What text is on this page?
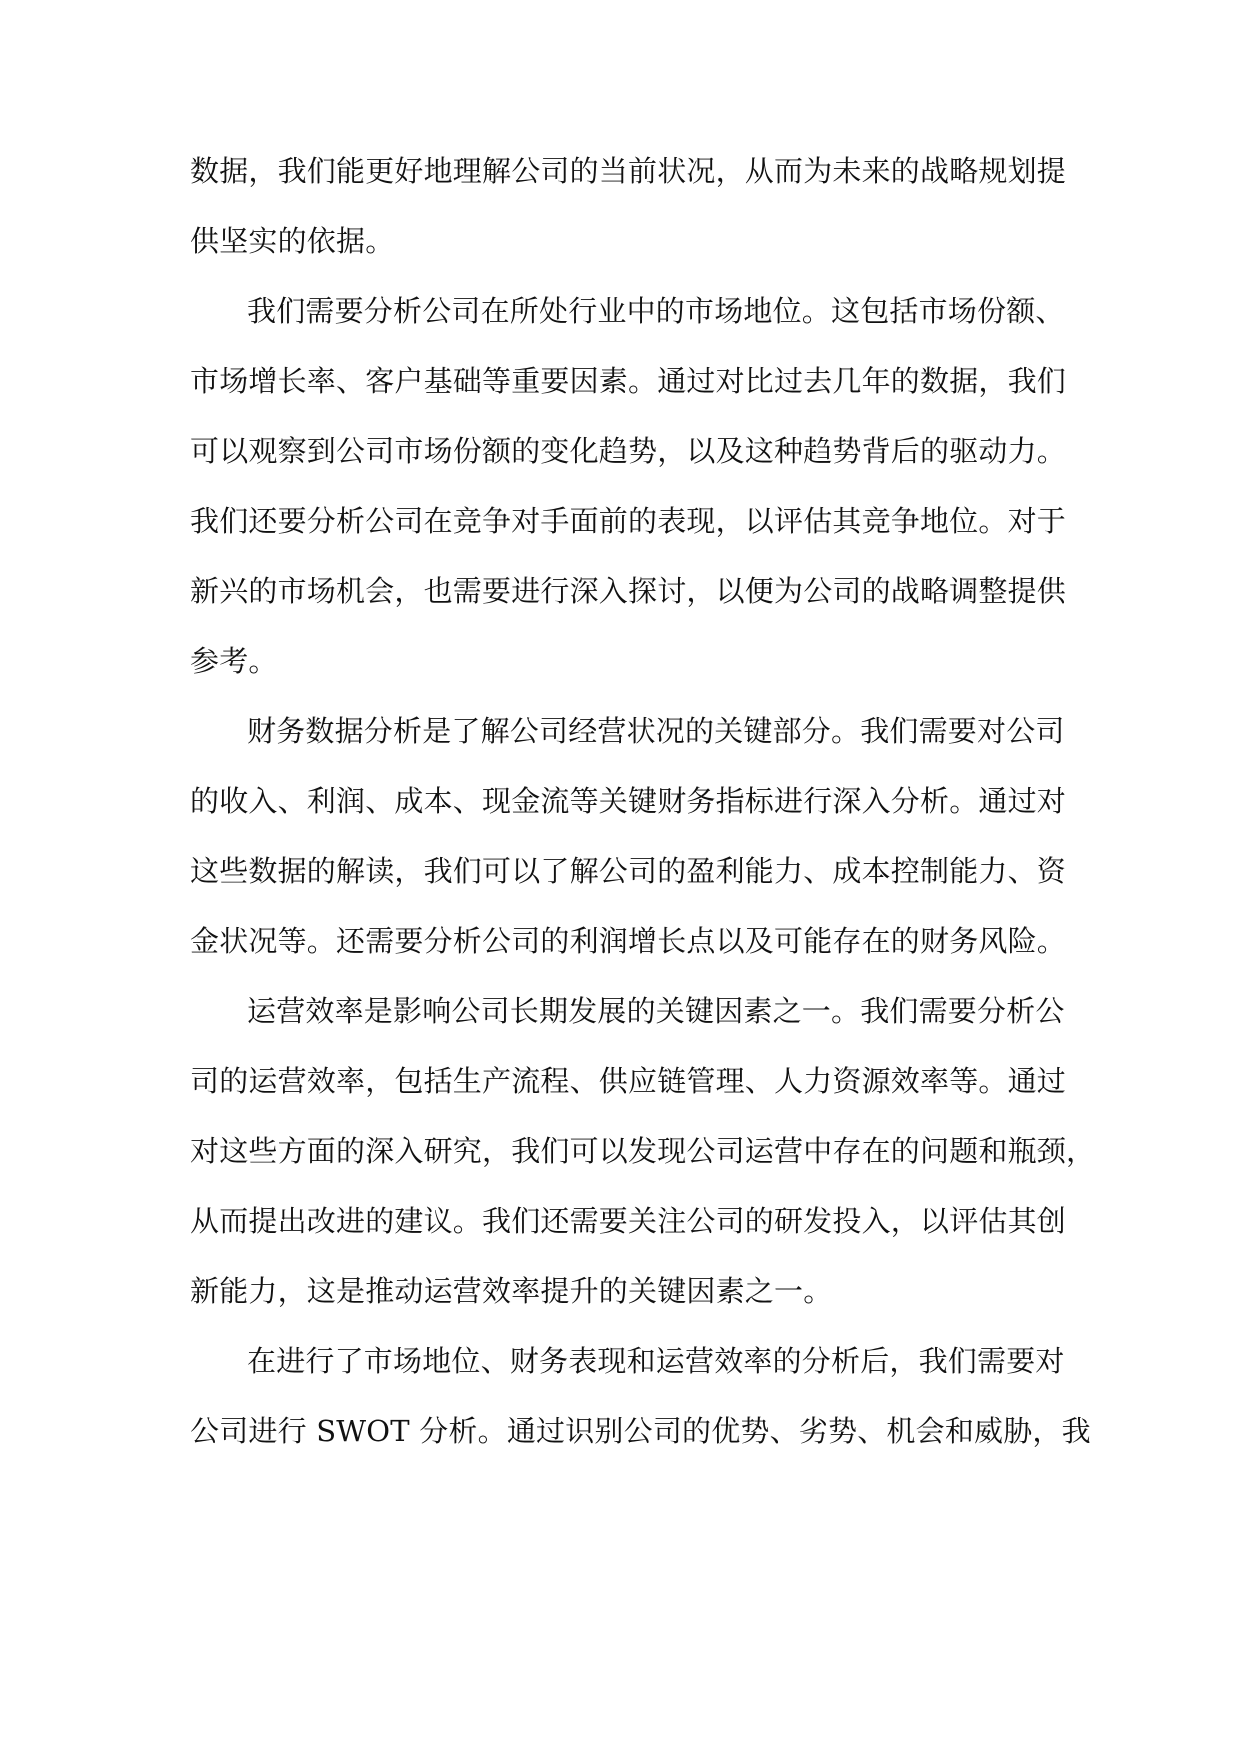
数据，我们能更好地理解公司的当前状况，从而为未来的战略规划提
供坚实的依据。
我们需要分析公司在所处行业中的市场地位。这包括市场份额、
市场增长率、客户基础等重要因素。通过对比过去几年的数据，我们
可以观察到公司市场份额的变化趋势，以及这种趋势背后的驱动力。
我们还要分析公司在竞争对手面前的表现，以评估其竞争地位。对于
新兴的市场机会，也需要进行深入探讨，以便为公司的战略调整提供
参考。
财务数据分析是了解公司经营状况的关键部分。我们需要对公司
的收入、利润、成本、现金流等关键财务指标进行深入分析。通过对
这些数据的解读，我们可以了解公司的盈利能力、成本控制能力、资
金状况等。还需要分析公司的利润增长点以及可能存在的财务风险。
运营效率是影响公司长期发展的关键因素之一。我们需要分析公
司的运营效率，包括生产流程、供应链管理、人力资源效率等。通过
对这些方面的深入研究，我们可以发现公司运营中存在的问题和瓶颈，
从而提出改进的建议。我们还需要关注公司的研发投入，以评估其创
新能力，这是推动运营效率提升的关键因素之一。
在进行了市场地位、财务表现和运营效率的分析后，我们需要对
公司进行 SWOT 分析。通过识别公司的优势、劣势、机会和威胁，我
